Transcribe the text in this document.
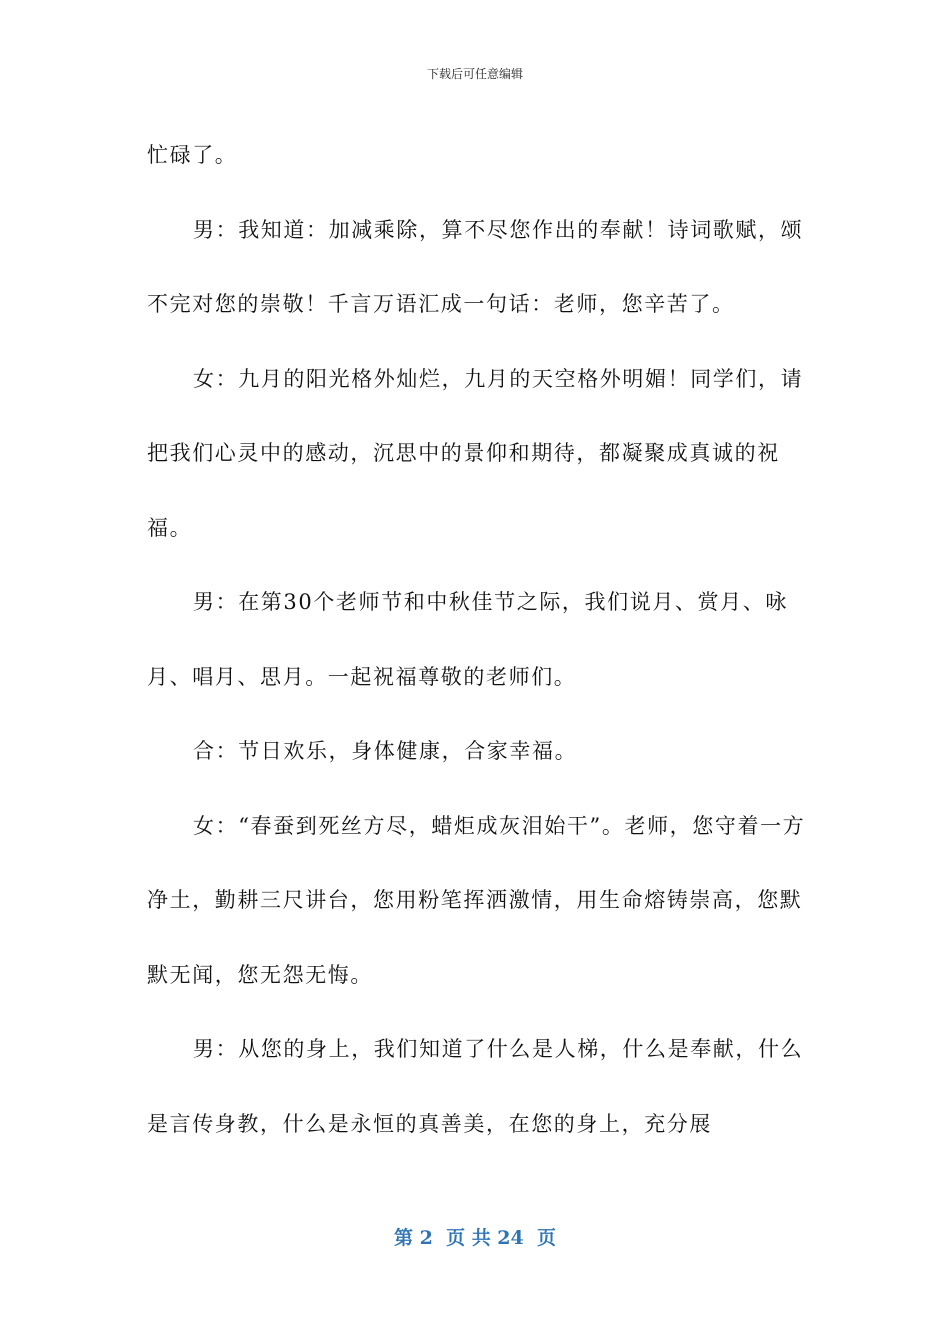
下载后可任意编辑

忙碌了。

男：我知道：加减乘除，算不尽您作出的奉献！诗词歌赋，颂不完对您的崇敬！千言万语汇成一句话：老师，您辛苦了。

女：九月的阳光格外灿烂，九月的天空格外明媚！同学们，请把我们心灵中的感动，沉思中的景仰和期待，都凝聚成真诚的祝福。

男：在第30个老师节和中秋佳节之际，我们说月、赏月、咏月、唱月、思月。一起祝福尊敬的老师们。

合：节日欢乐，身体健康，合家幸福。

女：“春蚕到死丝方尽，蜡炬成灰泪始干”。老师，您守着一方净土，勤耕三尺讲台，您用粉笔挥洒激情，用生命熔铸崇高，您默默无闻，您无怨无悔。

男：从您的身上，我们知道了什么是人梯，什么是奉献，什么是言传身教，什么是永恒的真善美，在您的身上，充分展

第 2  页 共 24  页
